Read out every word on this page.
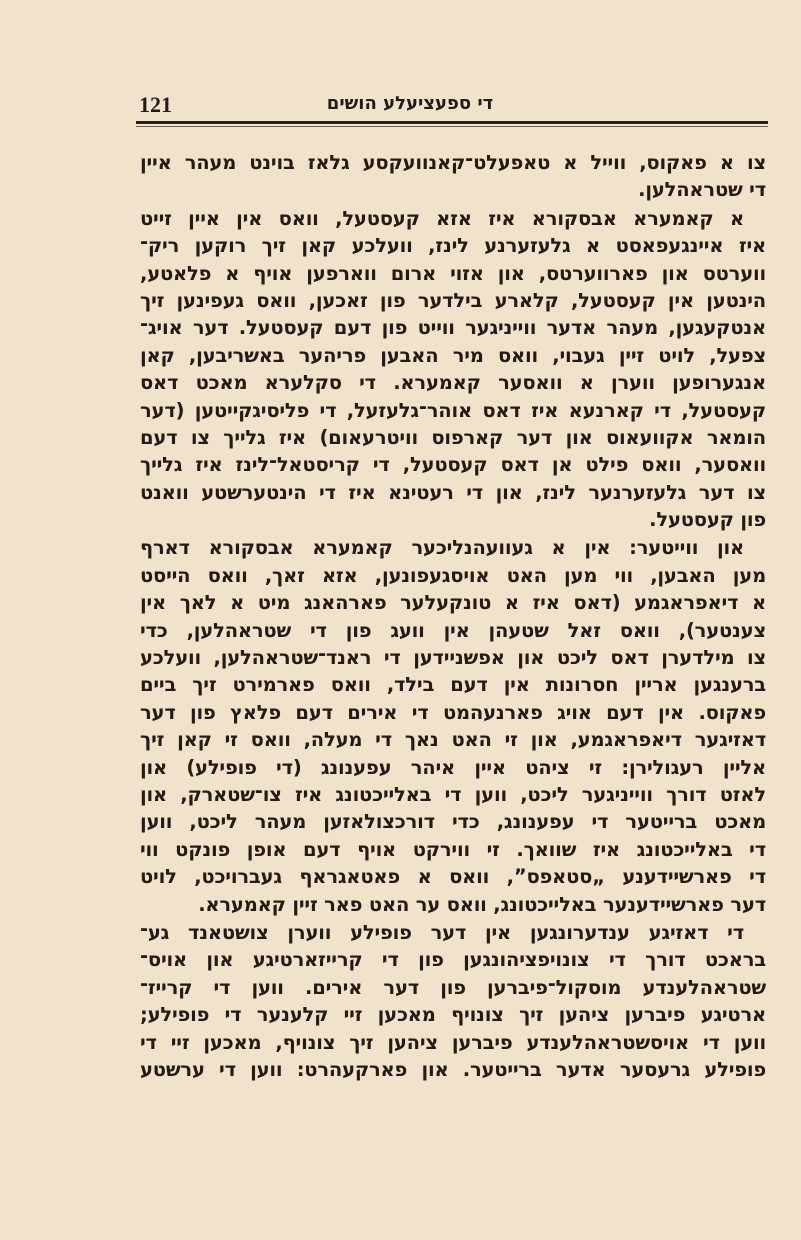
121	די ספעציעלע הושים
צו א פאקוס, ווייל א טאפעלט־קאנוועקסע גלאז בוינט מעהר איין
די שטראהלען.
א קאמערא אבסקורא איז אזא קעסטעל, וואס אין איין זייט
איז איינגעפאסט א גלעזערנע לינז, וועלכע קאן זיך רוקען ריק־
ווערטס און פארווערטס, און אזוי ארום ווארפען אויף א פלאטע,
הינטען אין קעסטעל, קלארע בילדער פון זאכען, וואס געפינען זיך
אנטקעגען, מעהר אדער ווייניגער ווייט פון דעם קעסטעל. דער אויג־
צפעל, לויט זיין געבוי, וואס מיר האבען פריהער באשריבען, קאן
אנגערופען ווערן א וואסער קאמערא. די סקלערא מאכט דאס
קעסטעל, די קארנעא איז דאס אוהר־גלעזעל, די פליסיגקייטען (דער
הומאר אקוועאוס און דער קארפוס וויטרעאום) איז גלייך צו דעם
וואסער, וואס פילט אן דאס קעסטעל, די קריסטאל־לינז איז גלייך
צו דער גלעזערנער לינז, און די רעטינא איז די הינטערשטע וואנט
פון קעסטעל.
און ווייטער: אין א געוועהנליכער קאמערא אבסקורא דארף
מען האבען, ווי מען האט אויסגעפונען, אזא זאך, וואס הייסט
א דיאפראגמע (דאס איז א טונקעלער פארהאנג מיט א לאך אין
צענטער), וואס זאל שטעהן אין וועג פון די שטראהלען, כדי
צו מילדערן דאס ליכט און אפשניידען די ראנד־שטראהלען, וועלכע
ברענגען אריין חסרונות אין דעם בילד, וואס פארמירט זיך ביים
פאקוס. אין דעם אויג פארנעהמט די אירים דעם פלאץ פון דער
דאזיגער דיאפראגמע, און זי האט נאך די מעלה, וואס זי קאן זיך
אליין רעגולירן: זי ציהט איין איהר עפענונג (די פופילע) און
לאזט דורך ווייניגער ליכט, ווען די באלייכטונג איז צו־שטארק, און
מאכט ברייטער די עפענונג, כדי דורכצולאזען מעהר ליכט, ווען
די באלייכטונג איז שוואך. זי ווירקט אויף דעם אופן פונקט ווי
די פארשיידענע „סטאפס”, וואס א פאטאגראף געברויכט, לויט
דער פארשיידענער באלייכטונג, וואס ער האט פאר זיין קאמערא.
די דאזיגע ענדערונגען אין דער פופילע ווערן צושטאנד גע־
בראכט דורך די צונויפציהונגען פון די קרייזארטיגע און אויס־
שטראהלענדע מוסקול־פיברען פון דער אירים. ווען די קרייז־
ארטיגע פיברען ציהען זיך צונויף מאכען זיי קלענער די פופילע;
ווען די אויסשטראהלענדע פיברען ציהען זיך צונויף, מאכען זיי די
פופילע גרעסער אדער ברייטער. און פארקעהרט: ווען די ערשטע
